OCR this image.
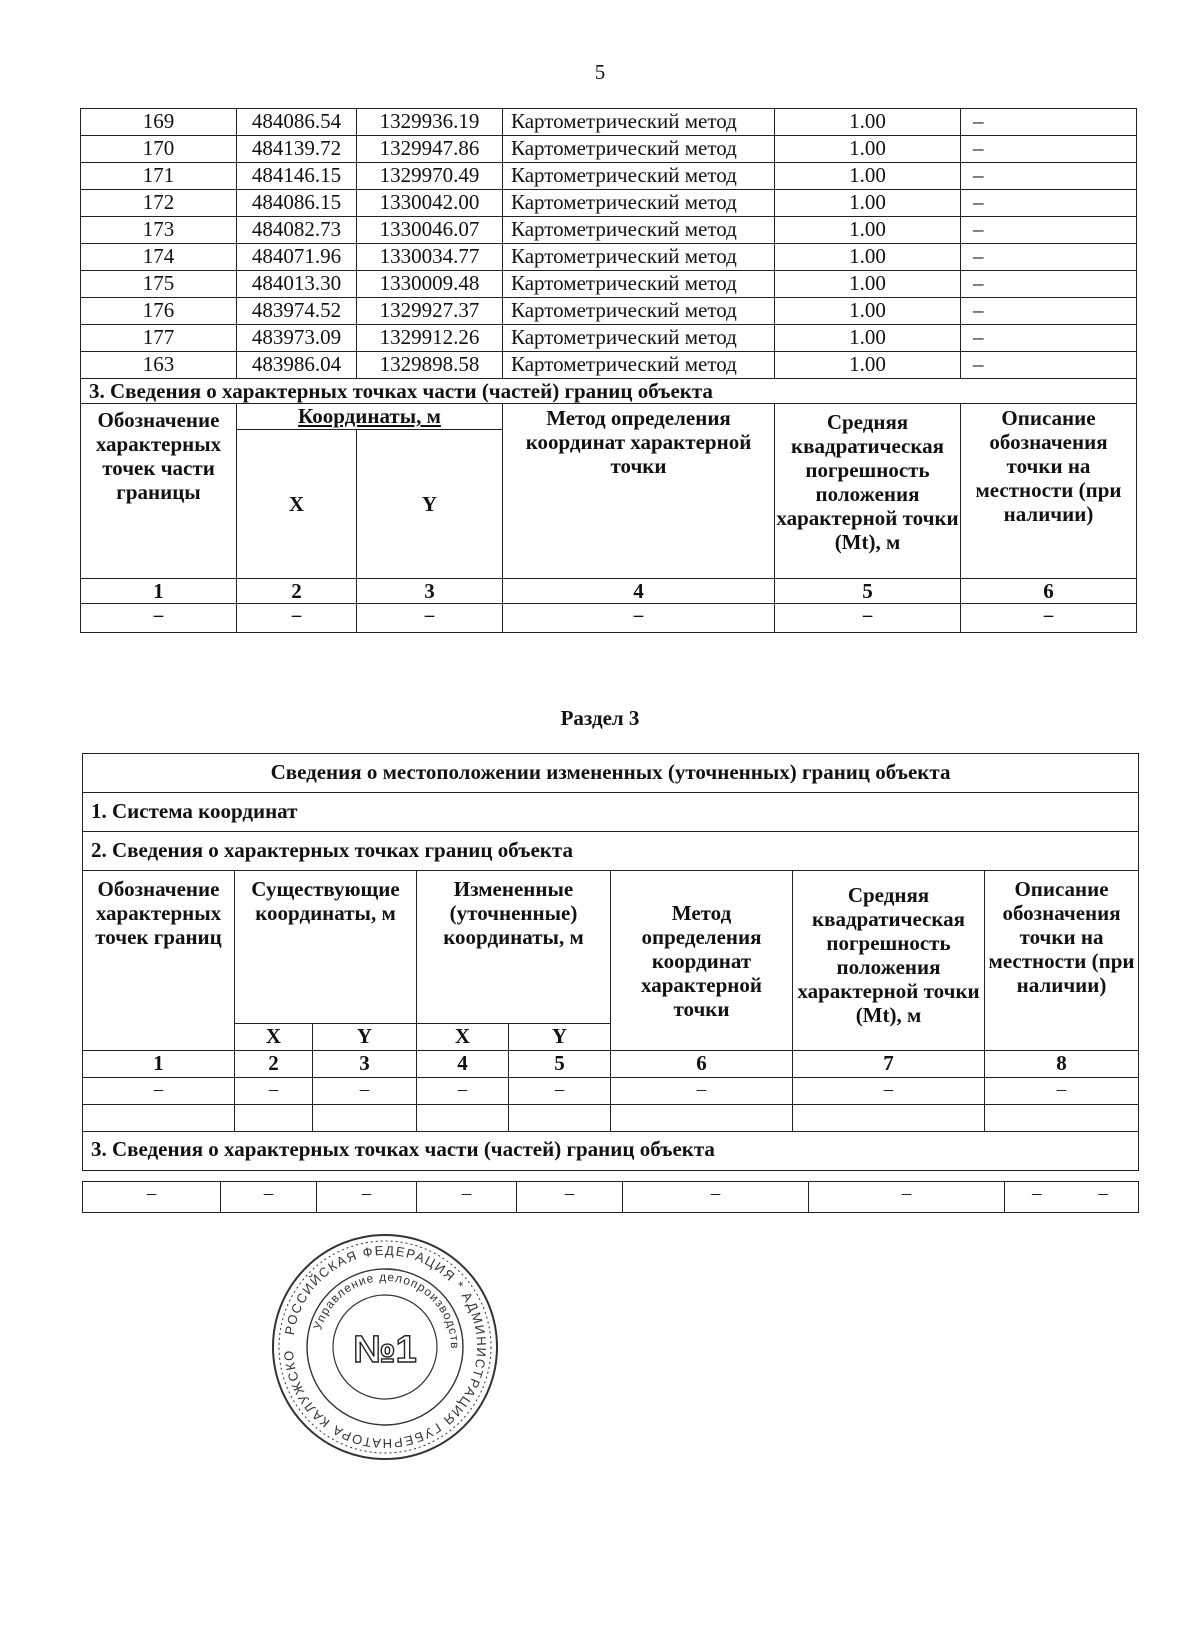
5
169	484086.54	1329936.19	Картометрический метод	1.00	–
170	484139.72	1329947.86	Картометрический метод	1.00	–
171	484146.15	1329970.49	Картометрический метод	1.00	–
172	484086.15	1330042.00	Картометрический метод	1.00	–
173	484082.73	1330046.07	Картометрический метод	1.00	–
174	484071.96	1330034.77	Картометрический метод	1.00	–
175	484013.30	1330009.48	Картометрический метод	1.00	–
176	483974.52	1329927.37	Картометрический метод	1.00	–
177	483973.09	1329912.26	Картометрический метод	1.00	–
163	483986.04	1329898.58	Картометрический метод	1.00	–
3. Сведения о характерных точках части (частей) границ объекта					
Обозначение характерных точек части границы	Координаты, м		Метод определения координат характерной точки	Средняя квадратическая погрешность положения характерной точки (Mt), м	Описание обозначения точки на местности (при наличии)
	X	Y			
1	2	3	4	5	6
–	–	–	–	–	–
Раздел 3
Сведения о местоположении измененных (уточненных) границ объекта							
1. Система координат							
2. Сведения о характерных точках границ объекта							
Обозначение характерных точек границ	Существующие координаты, м		Измененные (уточненные) координаты, м		Метод определения координат характерной точки	Средняя квадратическая погрешность положения характерной точки (Mt), м	Описание обозначения точки на местности (при наличии)
	X	Y	X	Y			
1	2	3	4	5	6	7	8
–	–	–	–	–	–	–	–

3. Сведения о характерных точках части (частей) границ объекта							
–	–	–	–	–	–	–	–	–
РОССИЙСКАЯ ФЕДЕРАЦИЯ * АДМИНИСТРАЦИЯ ГУБЕРНАТОРА КАЛУЖСКО
Управление делопроизводств
№1
